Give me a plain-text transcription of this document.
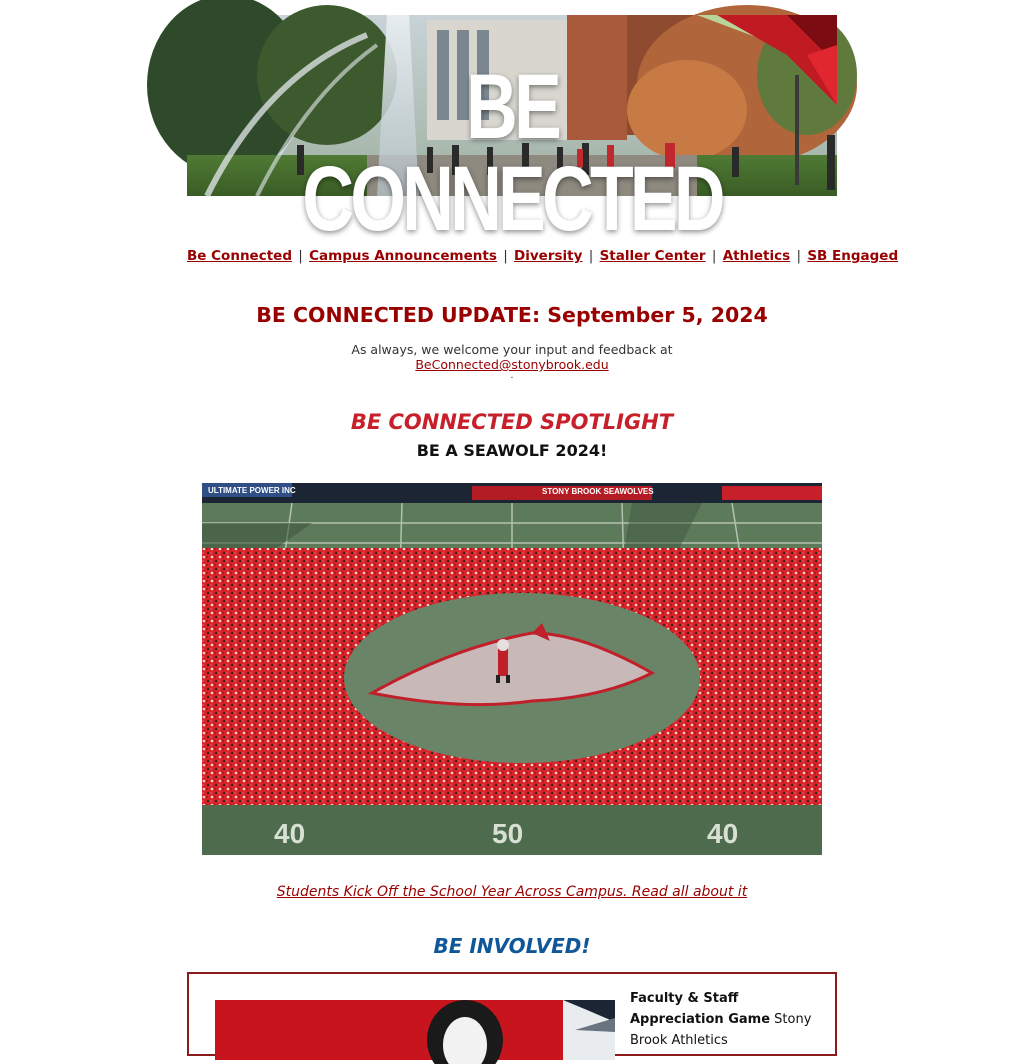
BE CONNECTED
Be Connected | Campus Announcements | Diversity | Staller Center | Athletics | SB Engaged
BE CONNECTED UPDATE: September 5, 2024
As always, we welcome your input and feedback at
BeConnected@stonybrook.edu
.
BE CONNECTED SPOTLIGHT
BE A SEAWOLF 2024!
40	50	40
ULTIMATE POWER INC	STONY BROOK SEAWOLVES
Students Kick Off the School Year Across Campus. Read all about it
BE INVOLVED!
Faculty & Staff Appreciation Game Stony Brook Athletics
